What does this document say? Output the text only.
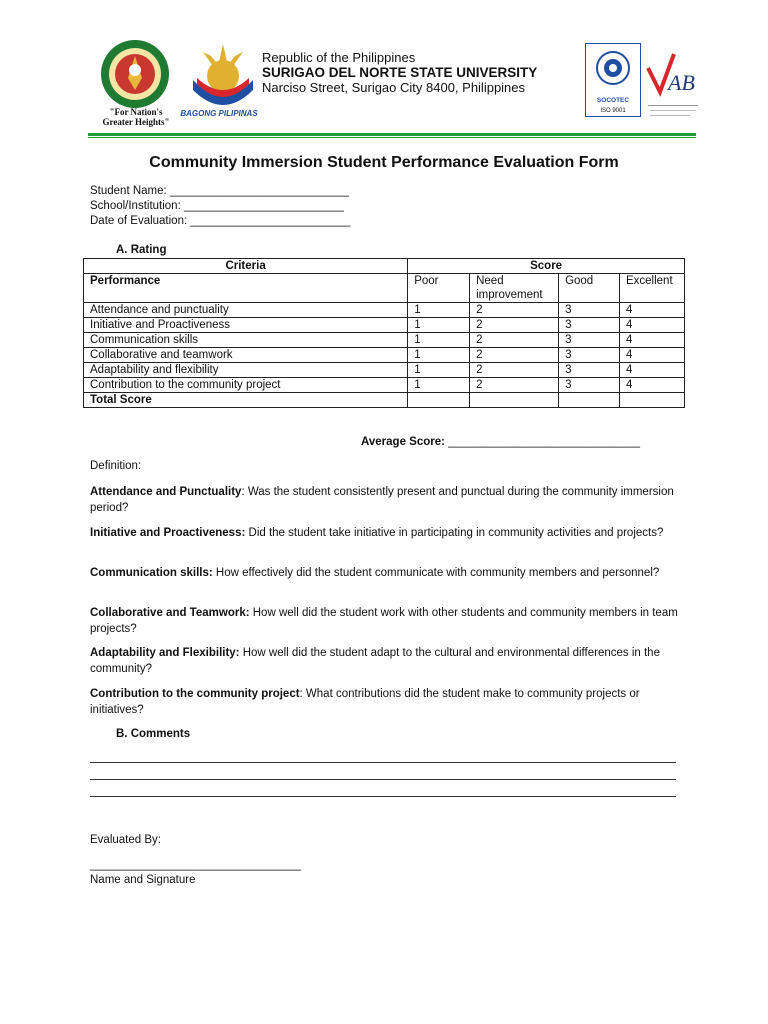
"For Nation's
Greater Heights"
BAGONG PILIPINAS
Republic of the Philippines
SURIGAO DEL NORTE STATE UNIVERSITY
Narciso Street, Surigao City 8400, Philippines
SOCOTEC
ISO 9001
AB
Community Immersion Student Performance Evaluation Form
Student Name: ____________________________
School/Institution: _________________________
Date of Evaluation: _________________________
A. Rating
Criteria	Score			
Performance	Poor	Need improvement	Good	Excellent
Attendance and punctuality	1	2	3	4
Initiative and Proactiveness	1	2	3	4
Communication skills	1	2	3	4
Collaborative and teamwork	1	2	3	4
Adaptability and flexibility	1	2	3	4
Contribution to the community project	1	2	3	4
Total Score				
Average Score: ______________________________
Definition:
Attendance and Punctuality: Was the student consistently present and punctual during the community immersion period?
Initiative and Proactiveness: Did the student take initiative in participating in community activities and projects?
Communication skills: How effectively did the student communicate with community members and personnel?
Collaborative and Teamwork: How well did the student work with other students and community members in team projects?
Adaptability and Flexibility: How well did the student adapt to the cultural and environmental differences in the community?
Contribution to the community project: What contributions did the student make to community projects or initiatives?
B. Comments
Evaluated By:
_________________________________
Name and Signature
